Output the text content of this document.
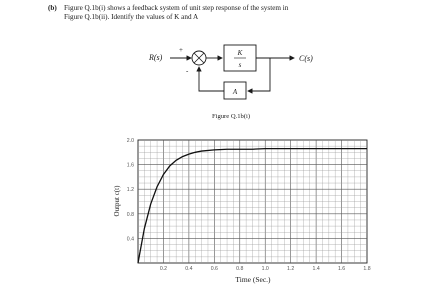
(b) Figure Q.1b(i) shows a feedback system of unit step response of the system in
Figure Q.1b(ii). Identify the values of K and A
R(s)
+
-
K
s
C(s)
A
Figure Q.1b(i)
0.2	0.4	0.6	0.8	1.0	1.2	1.4	1.6	1.8
0.4
0.8
1.2
1.6
2.0
Time (Sec.)
Output c(t)
